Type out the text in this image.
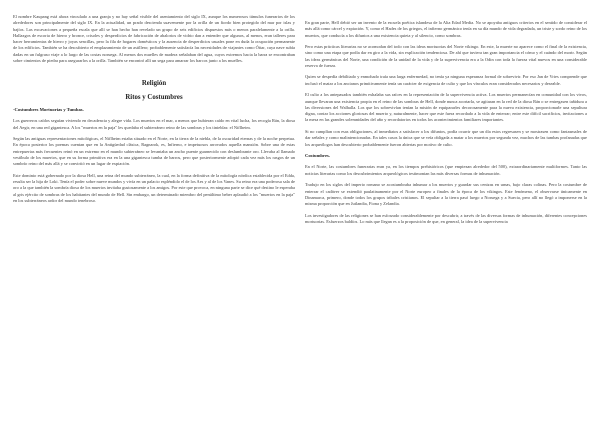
El nombre Kaupang está ahora vinculado a una granja y no hay señal visible del asentamiento del siglo IX, aunque los numerosos túmulos funerarios de los alrededores son principalmente del siglo IX. En la actualidad, un prado descienda suavemente por la orilla de un fiordo bien protegido del mar por islas y bajíos. Las excavaciones a pequeña escala que allí se han hecho han revelado un grupo de seis edificios dispuestos más o menos paralelamente a la orilla. Hallazgos de escoria de hierro y bronce, crisoles y desperdicios de fabricación de abalorios de vidrio dan a entender que algunos, al menos, eran talleres para hacer herramientas de hierro y joyas sencillas, pero la fila de hogares domésticos y la ausencia de desperdicios usuales pone en duda la ocupación permanente de los edificios. También se ha descubierto el emplazamiento de un astillero; probablemente satisfacía las necesidades de viajantes como Óttar, cuya nave subía dadas en un fulgraso viaje a lo largo de las costas noruega. Al menos dos muelles de madera señalaban del agua, cuyos extremos hacia la barra se encontraban sobre cimientos de piedra para asegurarlos a la orilla. También se encontró allí un sega para amarrar los barcos junto a los muelles.

Religión

Ritos y Costumbres

-Costumbres Mortuorias y Tumbas.

Los guerreros caídos seguían viviendo en decadencia y alegre vida. Los muertos en el mar, a menos que hubieran caído en vital lucha, los recogía Rán, la diosa del Aegir, en una red gigantesca. A los "muertos en la paja" les quedaba el subterráneo reino de las sombras y los tinieblas: el Niflheim.

Según las antiguas representaciones mitológicas, el Niflheim estaba situado en el Norte, en la tierra de la niebla, de la oscuridad eternas y de la noche perpetua. En época posterior los poemas cuentan que en la Antigüedad clásica, Ragnarok, es, Infierno, e impetuosos arrovados aquella mansión. Sobre una de estas entrepuertas más frecuentes reinó en un extremo en el mundo subterráneo se levantaba un ancho puente guarnecido con deslumbrante oro. Llevaba al llamado vestíbulo de los muertos, que en su forma primitiva era en la una gigantesca tumba de barros, pero que posteriormente adoptó cada vez más los rasgos de un sombrío reino del más allá y se convirtió en un lugar de expiación.

Este dominio está gobernado por la diosa Hell, una reina del mundo subterráneo, la cual, en la forma definitiva de la mitología nórdica establecida por el Edda, resulta ser la hija de Loki. Tenía el poder sobre nueve mundos y vivía en un palacio espléndido el de los Aes y al de los Vanes. Su reino era una poderosa sala de oro a la que también la sombría diosa de los muertos invitaba gustosamente a los amigos. Por este que provoca, en ninguna parte se dice qué destino le esperaba al gris ejército de sombras de los habitantes del mundo de Hell. Sin embargo, un determinado miembro del penúltimo beber aplaudió a los "muertos en la paja" en los subterráneos ardor del mundo tenebroso.

En gran parte, Hell debió ser un invento de la escuela poética islandesa de la Alta Edad Media. No se apoyaba antiguos criterios en el sentido de considerar el más allá como cárcel y expiación. Y, como el Hades de los griegos, el infierno germánico tenía en su día mundo de vida degradada, un triste y sordo reino de los muertos, que conducía a los difuntos a una existencia quieta y al silencio, como sombras.

Pero estas prácticas literarias no se acomodan del todo con las ideas mortuorias del Norte vikingo. En este, la muerte no aparece como el final de la existencia, sino como una etapa que podía dar en giro a la vida, sin explicación tendenciosa. De ahí que tuviera tan gran importancia el cómo y el cuándo del morir. Según las ideas germánicas del Norte, una condición de la unidad de la vida y de la supervivencia era a la Odin con toda la fuerza vital nuevos en una considerable reserva de fuerza.

Quien se despedía debilitado y enmohado traía una larga enfermedad, no tenía ya ninguna esperanza formal de sobrevivir. Por eso Jan de Vries comprende que inclusó el matar a los ancianos primitivamente tenía un carácter de exigencia de culto y que los vínculos eran considerados necesarios y deseable.

El culto a los antepasados también exhalaba sus raíces en la representación de la supervivencia activa. Los muertos permanecían en comunidad con los vivos, aunque llevaran una existencia propia en el reino de las sombras de Hell, donde nunca acortarla, se agitaran en la red de la diosa Rán o se entregasen tañidura a las diversiones del Walhalla. Los que los sobrevivían tenían la misión de equipararles decorosamente para la nueva existencia, proporcionarle una sepultura digna, contar los acciones gloriosas del muerto y, naturalmente, hacer que este fuera recordado a la vida de enterrar; entre este difícil sacrificios, invitaciones a la mesa en las grandes solemnidades del año y recordatorios en todos los acontecimientos familiares importantes.

Si no cumplían con esas obligaciones, al inmediatos a satisfacer a los difuntos, podía ocurrir que un día estos regresasen y se mostrasen como fantasmales de dar señales y como malintencionadas. En tales casos la única que se veía obligada a matar a los muertos por segunda vez, muchos de las tumbas profanadas que los arqueólogos han descubierto probablemente fueron abiertas por motivo de culto.

Costumbres.

En el Norte, las costumbres funerarias eran ya, en los tiempos prehistóricos (que empiezan alrededor del 500), extraordinariamente multiformes. Tanto las noticias literarias como los descubrimientos arqueológicos testimonian las más diversas formas de inhumación.

Tradujo en los siglos del imperio romano se acostumbraba inhumar a los muertos y guardar sus cenizas en urnas, bajo claras colinas. Pero la costumbre de enterrar el cadáver se extendió paulatinamente por el Norte europeo a finales de la época de los vikingos. Este fenómeno, el observarse únicamente en Dinamarca, primero, donde todos los grupos tribales cristianos. El sepultar a la tierra pasó luego a Noruega y a Suecia, pero allí no llegó a imponerse en la misma proporción que en Jutlandia, Fiona y Zelandia.

Los investigadores de las religiones se han esforzado considerablemente por descubrir, a través de las diversas formas de inhumación, diferentes concepciones mortuorias. Esfuerzos baldíos. Lo más que llegan es a la proposición de que, en general, la idea de la supervivencia
